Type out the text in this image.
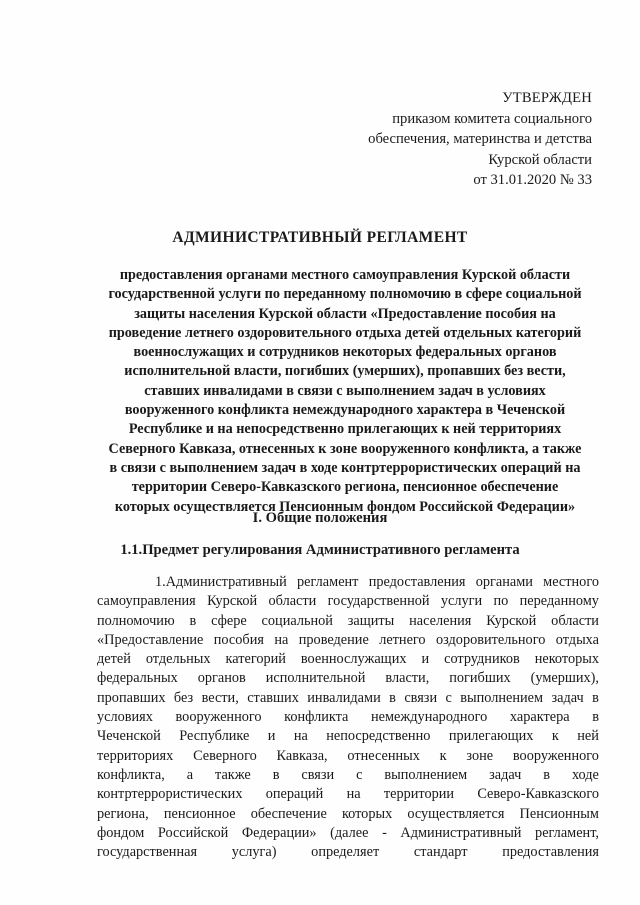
УТВЕРЖДЕН
приказом комитета социального
обеспечения, материнства и детства
Курской области
от 31.01.2020 № 33
АДМИНИСТРАТИВНЫЙ РЕГЛАМЕНТ
предоставления органами местного самоуправления Курской области
государственной услуги по переданному полномочию в сфере социальной
защиты населения Курской области «Предоставление пособия на
проведение летнего оздоровительного отдыха детей отдельных категорий
военнослужащих и сотрудников некоторых федеральных органов
исполнительной власти, погибших (умерших), пропавших без вести,
ставших инвалидами в связи с выполнением задач в условиях
вооруженного конфликта немеждународного характера в Чеченской
Республике и на непосредственно прилегающих к ней территориях
Северного Кавказа, отнесенных к зоне вооруженного конфликта, а также
в связи с выполнением задач в ходе контртеррористических операций на
территории Северо-Кавказского региона, пенсионное обеспечение
которых осуществляется Пенсионным фондом Российской Федерации»
I. Общие положения
1.1.Предмет регулирования Административного регламента
1.Административный регламент предоставления органами местного
самоуправления Курской области государственной услуги по переданному
полномочию в сфере социальной защиты населения Курской области
«Предоставление пособия на проведение летнего оздоровительного отдыха
детей отдельных категорий военнослужащих и сотрудников некоторых
федеральных органов исполнительной власти, погибших (умерших),
пропавших без вести, ставших инвалидами в связи с выполнением задач в
условиях вооруженного конфликта немеждународного характера в
Чеченской Республике и на непосредственно прилегающих к ней
территориях Северного Кавказа, отнесенных к зоне вооруженного
конфликта, а также в связи с выполнением задач в ходе
контртеррористических операций на территории Северо-Кавказского
региона, пенсионное обеспечение которых осуществляется Пенсионным
фондом Российской Федерации» (далее - Административный регламент,
государственная услуга) определяет стандарт предоставления
